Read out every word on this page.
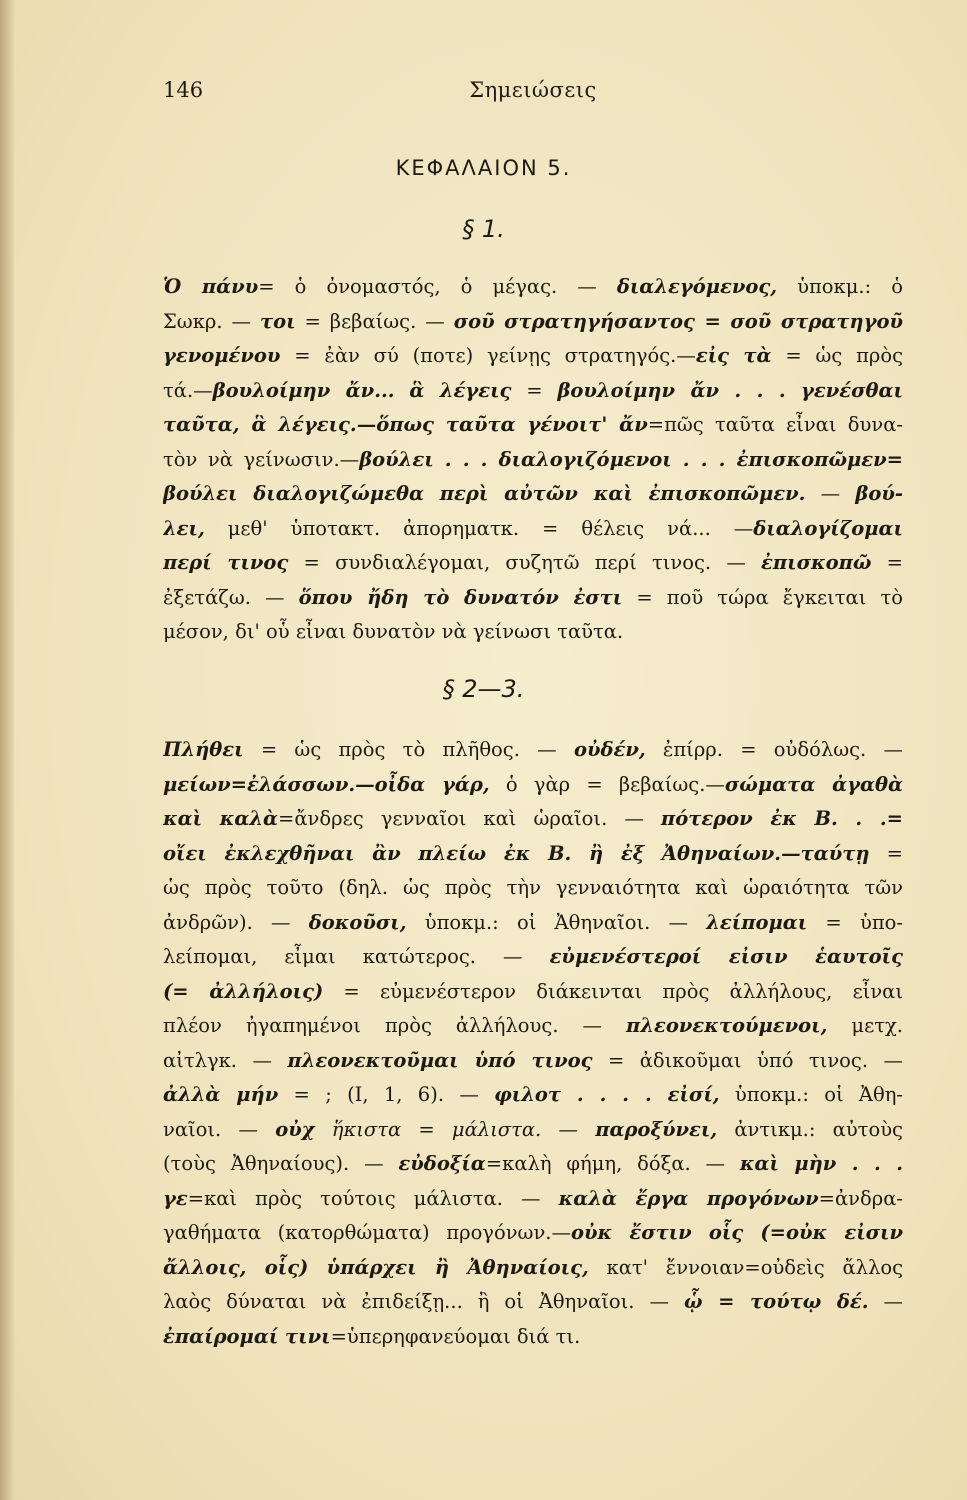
146	Σημειώσεις
ΚΕΦΑΛΑΙΟΝ 5.
§ 1.
Ὁ πάνυ= ὁ ὀνομαστός, ὁ μέγας. — διαλεγόμενος, ὑποκμ.: ὁ
Σωκρ. — τοι = βεβαίως. — σοῦ στρατηγήσαντος = σοῦ στρατηγοῦ
γενομένου = ἐὰν σύ (ποτε) γείνῃς στρατηγός.—εἰς τὰ = ὡς πρὸς
τά.—βουλοίμην ἄν... ἃ λέγεις = βουλοίμην ἄν . . . γενέσθαι
ταῦτα, ἃ λέγεις.—ὅπως ταῦτα γένοιτ' ἄν=πῶς ταῦτα εἶναι δυνα-
τὸν νὰ γείνωσιν.—βούλει . . . διαλογιζόμενοι . . . ἐπισκοπῶμεν=
βούλει διαλογιζώμεθα περὶ αὐτῶν καὶ ἐπισκοπῶμεν. — βού-
λει, μεθ' ὑποτακτ. ἀπορηματκ. = θέλεις νά... —διαλογίζομαι
περί τινος = συνδιαλέγομαι, συζητῶ περί τινος. — ἐπισκοπῶ =
ἐξετάζω. — ὅπου ἤδη τὸ δυνατόν ἐστι = ποῦ τώρα ἔγκειται τὸ
μέσον, δι' οὗ εἶναι δυνατὸν νὰ γείνωσι ταῦτα.
§ 2—3.
Πλήθει = ὡς πρὸς τὸ πλῆθος. — οὐδέν, ἐπίρρ. = οὐδόλως. —
μείων=ἐλάσσων.—οἶδα γάρ, ὁ γὰρ = βεβαίως.—σώματα ἀγαθὰ
καὶ καλὰ=ἄνδρες γενναῖοι καὶ ὡραῖοι. — πότερον ἐκ Β. . .=
οἴει ἐκλεχθῆναι ἂν πλείω ἐκ Β. ἢ ἐξ Ἀθηναίων.—ταύτῃ =
ὡς πρὸς τοῦτο (δηλ. ὡς πρὸς τὴν γενναιότητα καὶ ὡραιότητα τῶν
ἀνδρῶν). — δοκοῦσι, ὑποκμ.: οἱ Ἀθηναῖοι. — λείπομαι = ὑπο-
λείπομαι, εἶμαι κατώτερος. — εὐμενέστεροί εἰσιν ἑαυτοῖς
(= ἀλλήλοις) = εὐμενέστερον διάκεινται πρὸς ἀλλήλους, εἶναι
πλέον ἠγαπημένοι πρὸς ἀλλήλους. — πλεονεκτούμενοι, μετχ.
αἰτλγκ. — πλεονεκτοῦμαι ὑπό τινος = ἀδικοῦμαι ὑπό τινος. —
ἀλλὰ μήν = ; (I, 1, 6). — φιλοτ . . . . εἰσί, ὑποκμ.: οἱ Ἀθη-
ναῖοι. — οὐχ ἥκιστα = μάλιστα. — παροξύνει, ἀντικμ.: αὐτοὺς
(τοὺς Ἀθηναίους). — εὐδοξία=καλὴ φήμη, δόξα. — καὶ μὴν . . .
γε=καὶ πρὸς τούτοις μάλιστα. — καλὰ ἔργα προγόνων=ἀνδρα-
γαθήματα (κατορθώματα) προγόνων.—οὐκ ἔστιν οἷς (=οὐκ εἰσιν
ἄλλοις, οἷς) ὑπάρχει ἢ Ἀθηναίοις, κατ' ἔννοιαν=οὐδεὶς ἄλλος
λαὸς δύναται νὰ ἐπιδείξῃ... ἢ οἱ Ἀθηναῖοι. — ᾧ = τούτῳ δέ. —
ἐπαίρομαί τινι=ὑπερηφανεύομαι διά τι.
